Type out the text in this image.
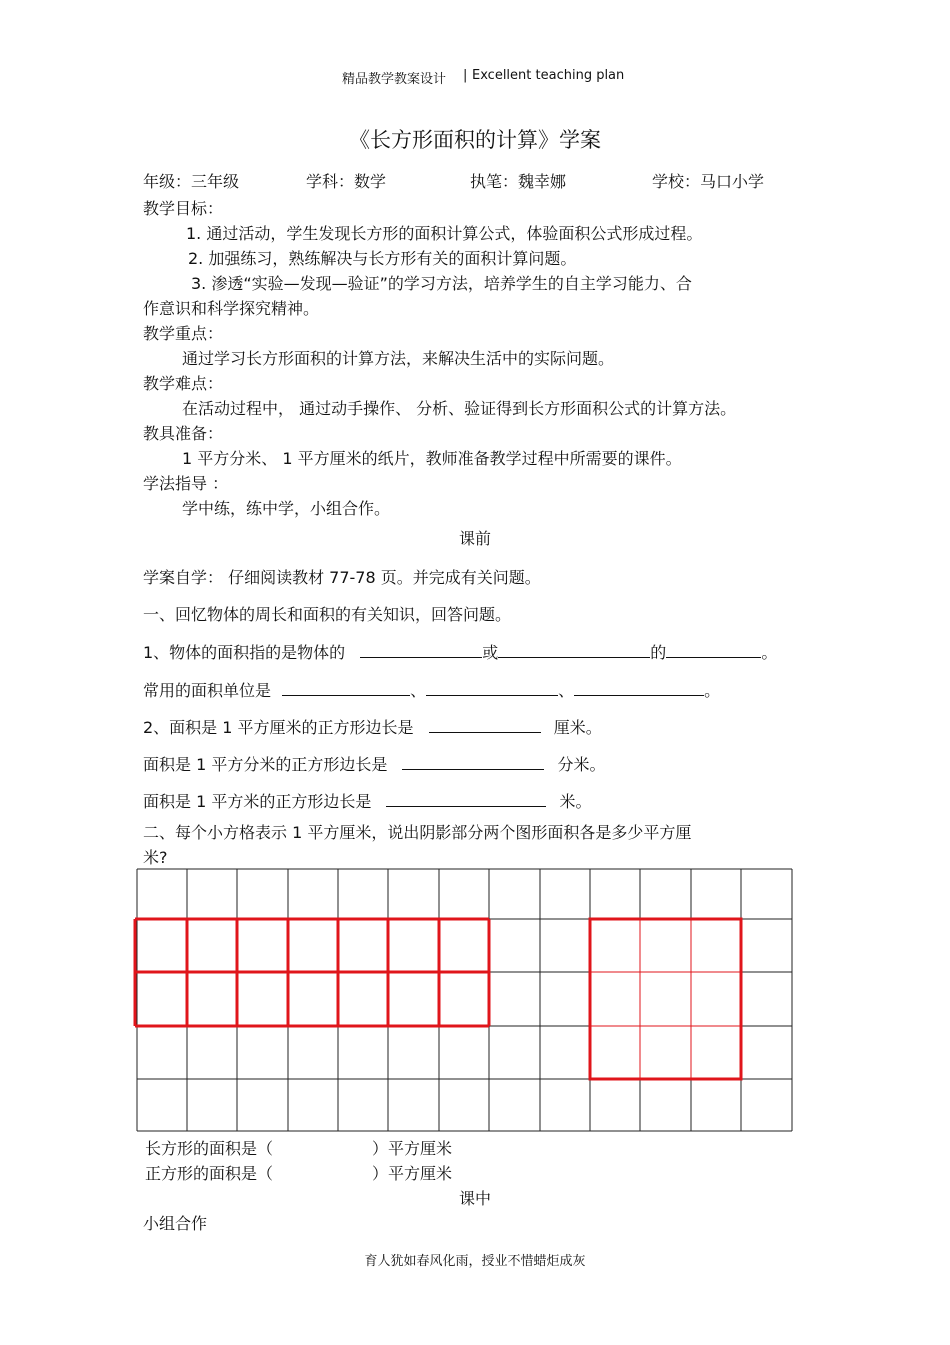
精品教学教案设计 | Excellent teaching plan
《长方形面积的计算》学案
年级：三年级	学科：数学	执笔：魏幸娜	学校：马口小学
教学目标：
1. 通过活动，学生发现长方形的面积计算公式，体验面积公式形成过程。
2. 加强练习，熟练解决与长方形有关的面积计算问题。
3. 渗透“实验—发现—验证”的学习方法，培养学生的自主学习能力、合
作意识和科学探究精神。
教学重点：
通过学习长方形面积的计算方法，来解决生活中的实际问题。
教学难点：
在活动过程中， 通过动手操作、 分析、验证得到长方形面积公式的计算方法。
教具准备：
1 平方分米、 1 平方厘米的纸片，教师准备教学过程中所需要的课件。
学法指导 ：
学中练，练中学，小组合作。
课前
学案自学： 仔细阅读教材 77-78 页。并完成有关问题。
一、回忆物体的周长和面积的有关知识，回答问题。
1、物体的面积指的是物体的	或	的	。
常用的面积单位是	、	、	。
2、面积是 1 平方厘米的正方形边长是	厘米。
面积是 1 平方分米的正方形边长是	分米。
面积是 1 平方米的正方形边长是	米。
二、每个小方格表示 1 平方厘米，说出阴影部分两个图形面积各是多少平方厘
米?
长方形的面积是（	）平方厘米
正方形的面积是（	）平方厘米
课中
小组合作
育人犹如春风化雨，授业不惜蜡炬成灰
